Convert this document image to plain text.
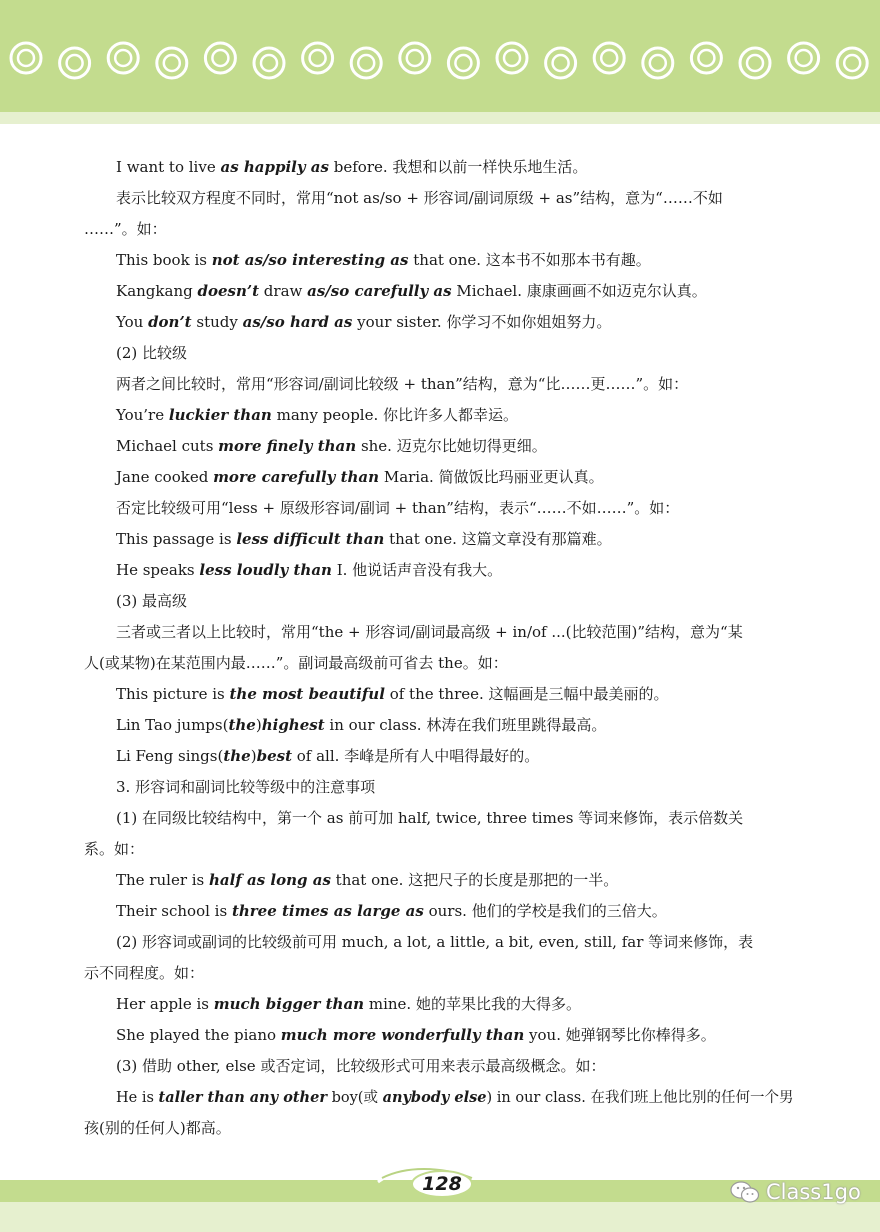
I want to live as happily as before. 我想和以前一样快乐地生活。
表示比较双方程度不同时，常用“not as/so + 形容词/副词原级 + as”结构，意为“……不如
……”。如：
This book is not as/so interesting as that one. 这本书不如那本书有趣。
Kangkang doesn’t draw as/so carefully as Michael. 康康画画不如迈克尔认真。
You don’t study as/so hard as your sister. 你学习不如你姐姐努力。
(2) 比较级
两者之间比较时，常用“形容词/副词比较级 + than”结构，意为“比……更……”。如：
You’re luckier than many people. 你比许多人都幸运。
Michael cuts more finely than she. 迈克尔比她切得更细。
Jane cooked more carefully than Maria. 简做饭比玛丽亚更认真。
否定比较级可用“less + 原级形容词/副词 + than”结构，表示“……不如……”。如：
This passage is less difficult than that one. 这篇文章没有那篇难。
He speaks less loudly than I. 他说话声音没有我大。
(3) 最高级
三者或三者以上比较时，常用“the + 形容词/副词最高级 + in/of ...(比较范围)”结构，意为“某
人(或某物)在某范围内最……”。副词最高级前可省去 the。如：
This picture is the most beautiful of the three. 这幅画是三幅中最美丽的。
Lin Tao jumps(the)highest in our class. 林涛在我们班里跳得最高。
Li Feng sings(the)best of all. 李峰是所有人中唱得最好的。
3. 形容词和副词比较等级中的注意事项
(1) 在同级比较结构中，第一个 as 前可加 half, twice, three times 等词来修饰，表示倍数关
系。如：
The ruler is half as long as that one. 这把尺子的长度是那把的一半。
Their school is three times as large as ours. 他们的学校是我们的三倍大。
(2) 形容词或副词的比较级前可用 much, a lot, a little, a bit, even, still, far 等词来修饰，表
示不同程度。如：
Her apple is much bigger than mine. 她的苹果比我的大得多。
She played the piano much more wonderfully than you. 她弹钢琴比你棒得多。
(3) 借助 other, else 或否定词，比较级形式可用来表示最高级概念。如：
He is taller than any other boy(或 anybody else) in our class. 在我们班上他比别的任何一个男
孩(别的任何人)都高。
128	Class1go
